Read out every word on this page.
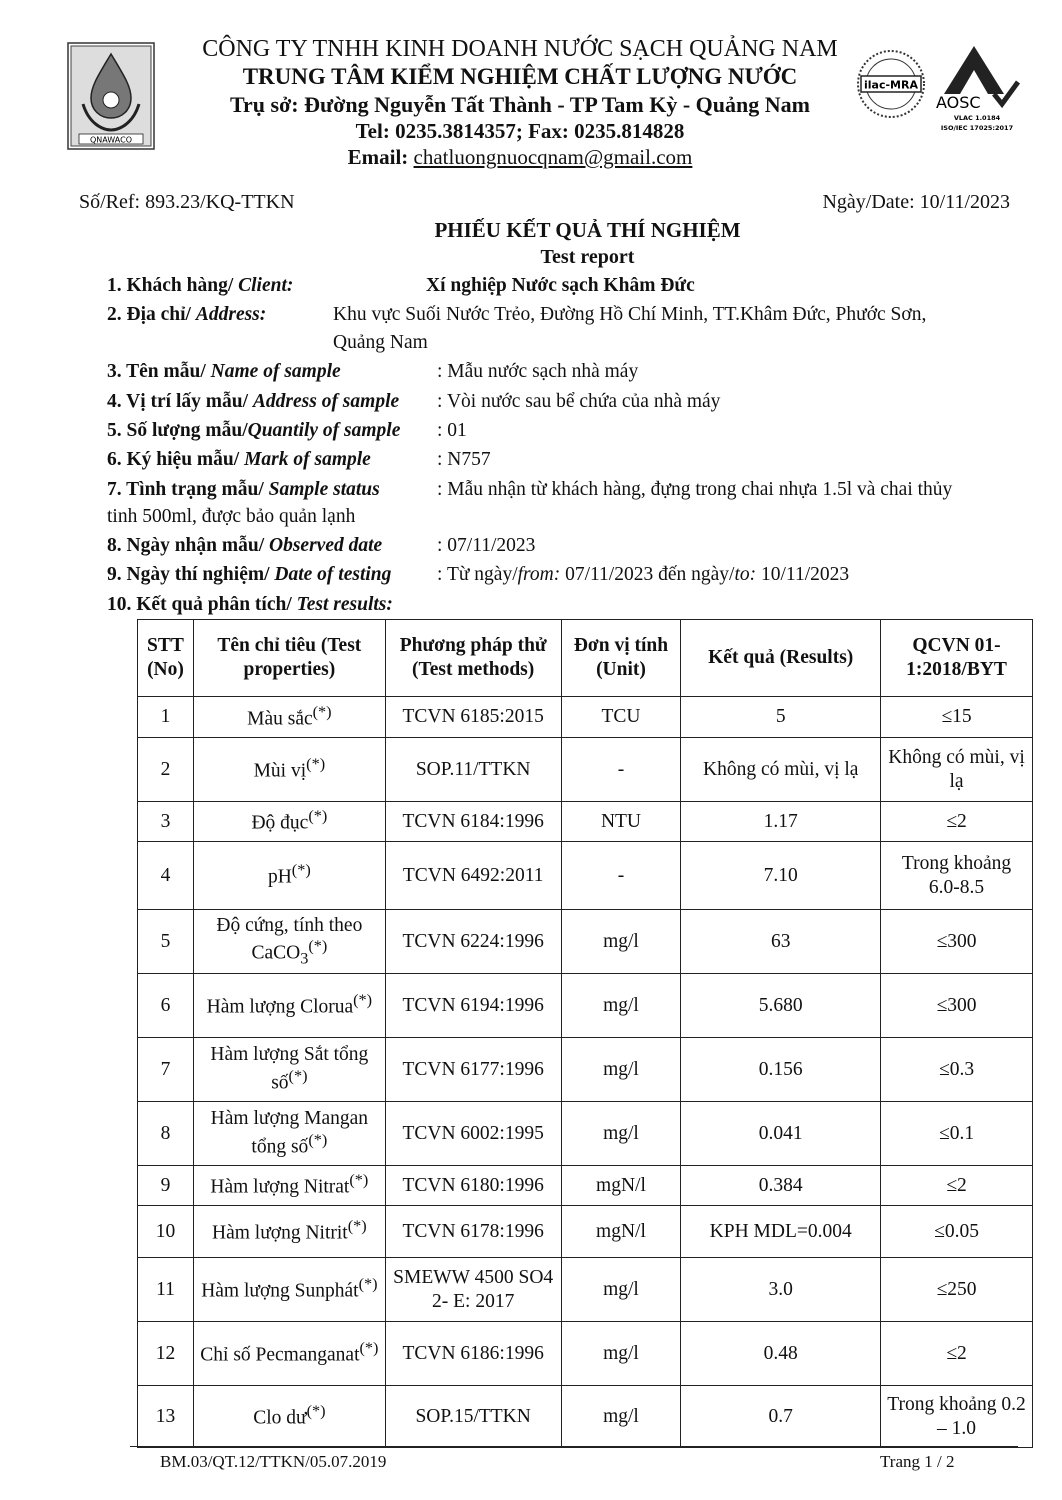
QNAWACO
ilac-MRA
AOSC
VLAC 1.0184
ISO/IEC 17025:2017
CÔNG TY TNHH KINH DOANH NƯỚC SẠCH QUẢNG NAM
TRUNG TÂM KIỂM NGHIỆM CHẤT LƯỢNG NƯỚC
Trụ sở: Đường Nguyễn Tất Thành - TP Tam Kỳ - Quảng Nam
Tel: 0235.3814357; Fax: 0235.814828
Email: chatluongnuocqnam@gmail.com
Số/Ref: 893.23/KQ-TTKN	Ngày/Date: 10/11/2023
PHIẾU KẾT QUẢ THÍ NGHIỆM
Test report
1. Khách hàng/ Client:	Xí nghiệp Nước sạch Khâm Đức
2. Địa chỉ/ Address:	Khu vực Suối Nước Trẻo, Đường Hồ Chí Minh, TT.Khâm Đức, Phước Sơn,
Quảng Nam
3. Tên mẫu/ Name of sample	: Mẫu nước sạch nhà máy
4. Vị trí lấy mẫu/ Address of sample : Vòi nước sau bể chứa của nhà máy
5. Số lượng mẫu/Quantily of sample : 01
6. Ký hiệu mẫu/ Mark of sample	: N757
7. Tình trạng mẫu/ Sample status	: Mẫu nhận từ khách hàng, đựng trong chai nhựa 1.5l và chai thủy
tinh 500ml, được bảo quản lạnh
8. Ngày nhận mẫu/ Observed date	: 07/11/2023
9. Ngày thí nghiệm/ Date of testing : Từ ngày/from: 07/11/2023 đến ngày/to: 10/11/2023
10. Kết quả phân tích/ Test results:
STT (No)	Tên chỉ tiêu (Test properties)	Phương pháp thử (Test methods)	Đơn vị tính (Unit)	Kết quả (Results)	QCVN 01-1:2018/BYT
1	Màu sắc(*)	TCVN 6185:2015	TCU	5	≤15
2	Mùi vị(*)	SOP.11/TTKN	-	Không có mùi, vị lạ	Không có mùi, vị lạ
3	Độ đục(*)	TCVN 6184:1996	NTU	1.17	≤2
4	pH(*)	TCVN 6492:2011	-	7.10	Trong khoảng 6.0-8.5
5	Độ cứng, tính theo CaCO$_3$(*)	TCVN 6224:1996	mg/l	63	≤300
6	Hàm lượng Clorua(*)	TCVN 6194:1996	mg/l	5.680	≤300
7	Hàm lượng Sắt tổng số(*)	TCVN 6177:1996	mg/l	0.156	≤0.3
8	Hàm lượng Mangan tổng số(*)	TCVN 6002:1995	mg/l	0.041	≤0.1
9	Hàm lượng Nitrat(*)	TCVN 6180:1996	mgN/l	0.384	≤2
10	Hàm lượng Nitrit(*)	TCVN 6178:1996	mgN/l	KPH MDL=0.004	≤0.05
11	Hàm lượng Sunphát(*)	SMEWW 4500 SO4 2- E: 2017	mg/l	3.0	≤250
12	Chỉ số Pecmanganat(*)	TCVN 6186:1996	mg/l	0.48	≤2
13	Clo dư(*)	SOP.15/TTKN	mg/l	0.7	Trong khoảng 0.2 – 1.0
BM.03/QT.12/TTKN/05.07.2019	Trang 1 / 2
